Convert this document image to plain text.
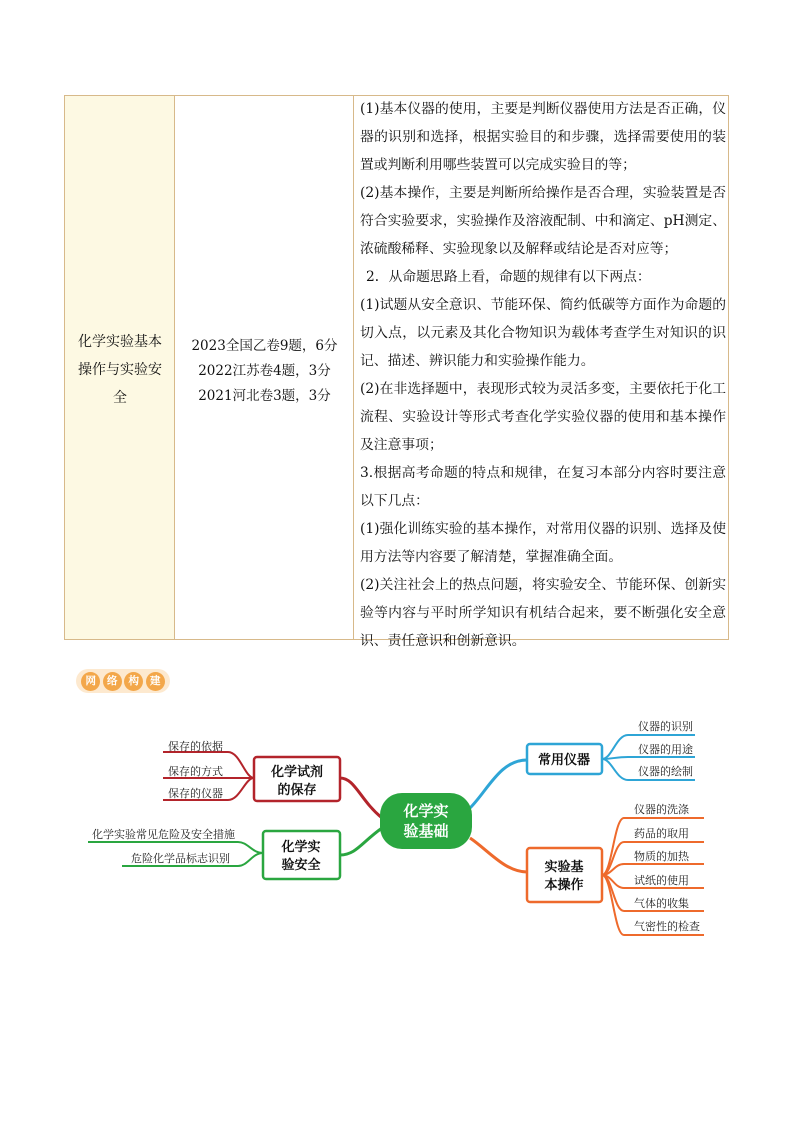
化学实验基本操作与实验安全
2023全国乙卷9题，6分
2022江苏卷4题，3分
2021河北卷3题，3分

(1)基本仪器的使用，主要是判断仪器使用方法是否正确，仪器的识别和选择，根据实验目的和步骤，选择需要使用的装置或判断利用哪些装置可以完成实验目的等；

(2)基本操作，主要是判断所给操作是否合理，实验装置是否符合实验要求，实验操作及溶液配制、中和滴定、pH测定、浓硫酸稀释、实验现象以及解释或结论是否对应等；

2．从命题思路上看，命题的规律有以下两点：

(1)试题从安全意识、节能环保、简约低碳等方面作为命题的切入点，以元素及其化合物知识为载体考查学生对知识的识记、描述、辨识能力和实验操作能力。

(2)在非选择题中，表现形式较为灵活多变，主要依托于化工流程、实验设计等形式考查化学实验仪器的使用和基本操作及注意事项；

3.根据高考命题的特点和规律，在复习本部分内容时要注意以下几点：

(1)强化训练实验的基本操作，对常用仪器的识别、选择及使用方法等内容要了解清楚，掌握准确全面。

(2)关注社会上的热点问题，将实验安全、节能环保、创新实验等内容与平时所学知识有机结合起来，要不断强化安全意识、责任意识和创新意识。

网	络	构	建
保存的依据
保存的方式
保存的仪器
化学试剂
的保存
化学实验常见危险及安全措施
危险化学品标志识别
化学实
验安全
化学实
验基础
常用仪器
仪器的识别
仪器的用途
仪器的绘制
实验基
本操作
仪器的洗涤
药品的取用
物质的加热
试纸的使用
气体的收集
气密性的检查
